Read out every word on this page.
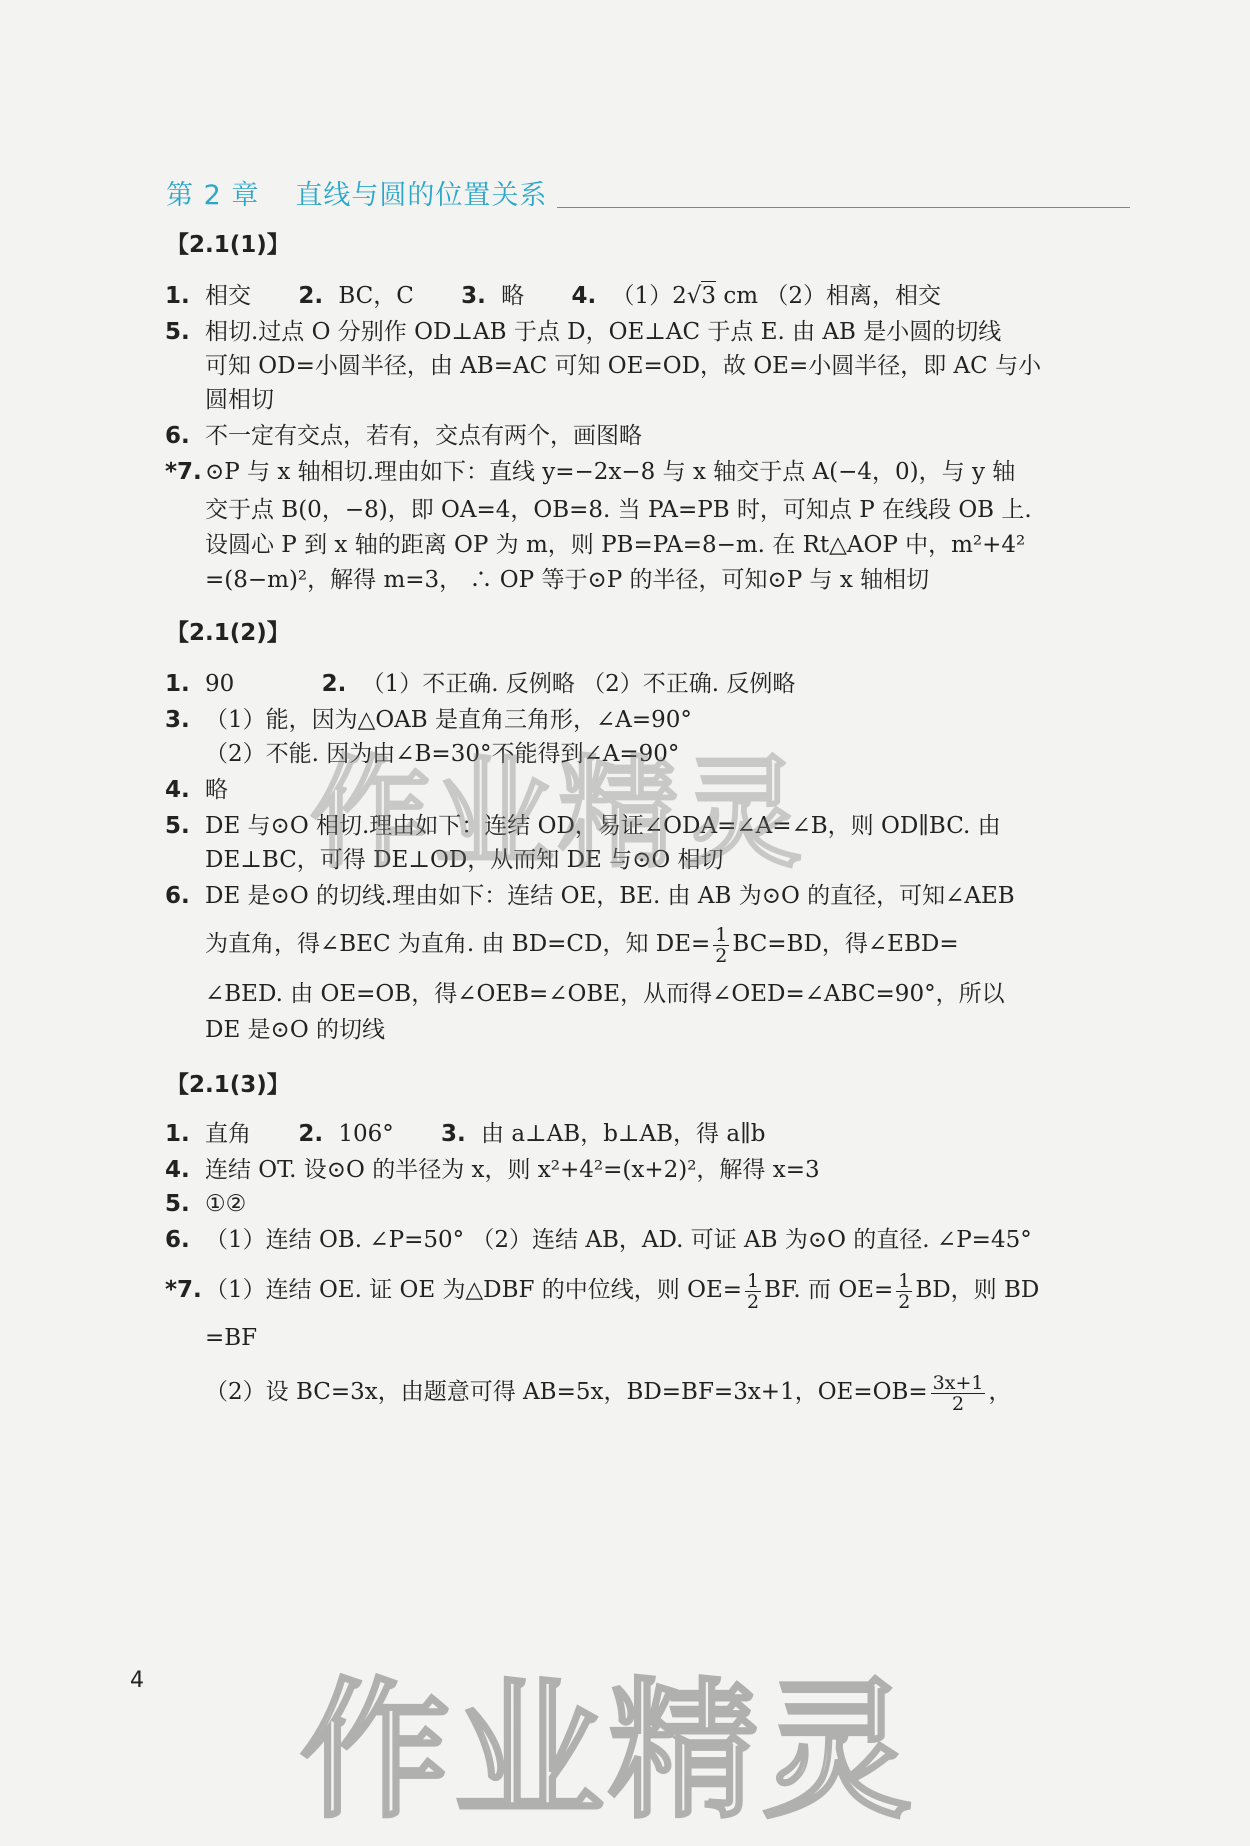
第 2 章 直线与圆的位置关系
【2.1(1)】
1. 相交 2. BC，C 3. 略 4. （1）2√3 cm （2）相离，相交
5. 相切.过点 O 分别作 OD⊥AB 于点 D，OE⊥AC 于点 E. 由 AB 是小圆的切线
可知 OD=小圆半径，由 AB=AC 可知 OE=OD，故 OE=小圆半径，即 AC 与小
圆相切
6. 不一定有交点，若有，交点有两个，画图略
*7. ⊙P 与 x 轴相切.理由如下：直线 y=−2x−8 与 x 轴交于点 A(−4，0)，与 y 轴
交于点 B(0，−8)，即 OA=4，OB=8. 当 PA=PB 时，可知点 P 在线段 OB 上.
设圆心 P 到 x 轴的距离 OP 为 m，则 PB=PA=8−m. 在 Rt△AOP 中，m²+4²
=(8−m)²，解得 m=3， ∴ OP 等于⊙P 的半径，可知⊙P 与 x 轴相切
【2.1(2)】
1. 90	2. （1）不正确. 反例略 （2）不正确. 反例略
3. （1）能，因为△OAB 是直角三角形，∠A=90°
（2）不能. 因为由∠B=30°不能得到∠A=90°
4. 略
5. DE 与⊙O 相切.理由如下：连结 OD，易证∠ODA=∠A=∠B，则 OD∥BC. 由
DE⊥BC，可得 DE⊥OD，从而知 DE 与⊙O 相切
6. DE 是⊙O 的切线.理由如下：连结 OE，BE. 由 AB 为⊙O 的直径，可知∠AEB
为直角，得∠BEC 为直角. 由 BD=CD，知 $DE= \frac{1}{2} BC=BD$，得∠EBD=
∠BED. 由 OE=OB，得∠OEB=∠OBE，从而得∠OED=∠ABC=90°，所以
DE 是⊙O 的切线
【2.1(3)】
1. 直角 2. 106° 3. 由 a⊥AB，b⊥AB，得 a∥b
4. 连结 OT. 设⊙O 的半径为 x，则 x²+4²=(x+2)²，解得 x=3
5. ①②
6. （1）连结 OB. ∠P=50° （2）连结 AB，AD. 可证 AB 为⊙O 的直径. ∠P=45°
*7. （1）连结 OE. 证 OE 为△DBF 的中位线，则 $OE= \frac{1}{2}$ BF. 而 $OE= \frac{1}{2}$ BD，则 BD
=BF
（2）设 BC=3x，由题意可得 AB=5x，BD=BF=3x+1，$OE=OB= \frac{3x+1}{2}$ ，
4
作 业 精 灵
作 业 精 灵
